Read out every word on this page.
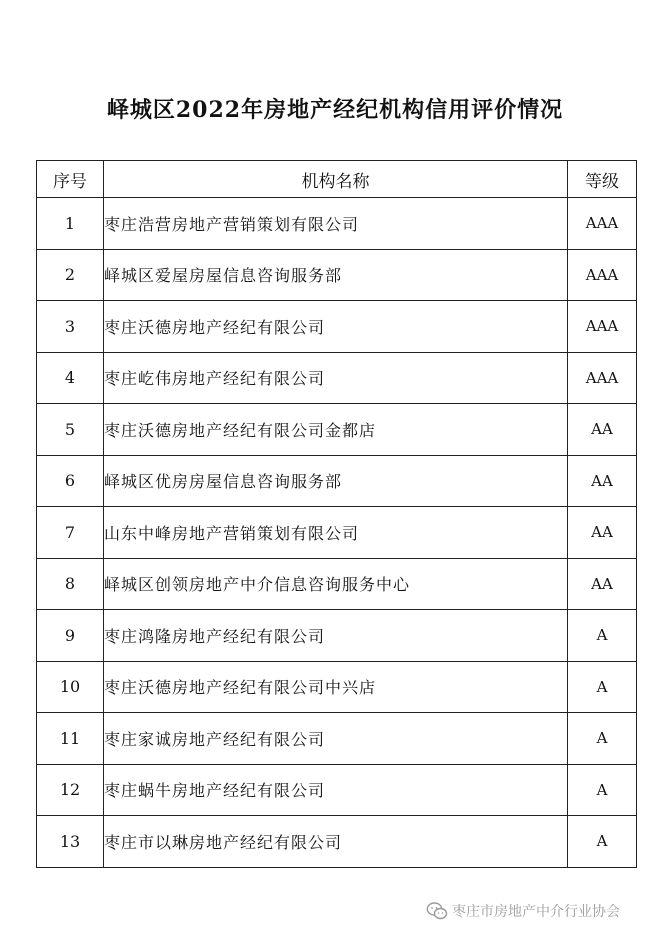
峄城区2022年房地产经纪机构信用评价情况
序号	机构名称	等级
1	枣庄浩营房地产营销策划有限公司	AAA
2	峄城区爱屋房屋信息咨询服务部	AAA
3	枣庄沃德房地产经纪有限公司	AAA
4	枣庄屹伟房地产经纪有限公司	AAA
5	枣庄沃德房地产经纪有限公司金都店	AA
6	峄城区优房房屋信息咨询服务部	AA
7	山东中峰房地产营销策划有限公司	AA
8	峄城区创领房地产中介信息咨询服务中心	AA
9	枣庄鸿隆房地产经纪有限公司	A
10	枣庄沃德房地产经纪有限公司中兴店	A
11	枣庄家诚房地产经纪有限公司	A
12	枣庄蜗牛房地产经纪有限公司	A
13	枣庄市以琳房地产经纪有限公司	A
枣庄市房地产中介行业协会
